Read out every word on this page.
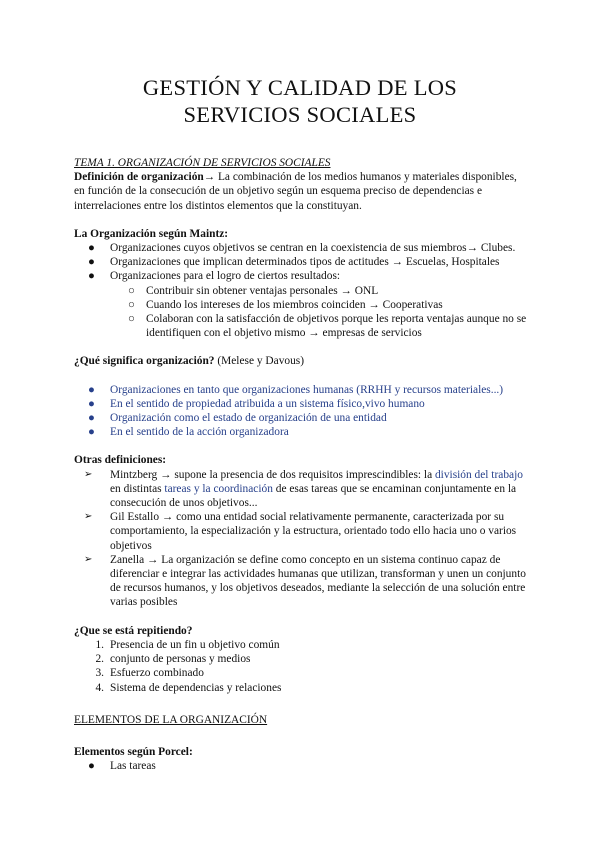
GESTIÓN Y CALIDAD DE LOS
SERVICIOS SOCIALES

TEMA 1. ORGANIZACIÓN DE SERVICIOS SOCIALES

Definición de organización→ La combinación de los medios humanos y materiales disponibles, en función de la consecución de un objetivo según un esquema preciso de dependencias e interrelaciones entre los distintos elementos que la constituyan.

La Organización según Maintz:

● Organizaciones cuyos objetivos se centran en la coexistencia de sus miembros→ Clubes.
● Organizaciones que implican determinados tipos de actitudes → Escuelas, Hospitales
● Organizaciones para el logro de ciertos resultados:
○ Contribuir sin obtener ventajas personales → ONL
○ Cuando los intereses de los miembros coinciden → Cooperativas
○ Colaboran con la satisfacción de objetivos porque les reporta ventajas aunque no se identifiquen con el objetivo mismo → empresas de servicios

¿Qué significa organización? (Melese y Davous)

● Organizaciones en tanto que organizaciones humanas (RRHH y recursos materiales...)
● En el sentido de propiedad atribuida a un sistema físico,vivo humano
● Organización como el estado de organización de una entidad
● En el sentido de la acción organizadora

Otras definiciones:

➢ Mintzberg → supone la presencia de dos requisitos imprescindibles: la división del trabajo en distintas tareas y la coordinación de esas tareas que se encaminan conjuntamente en la consecución de unos objetivos...
➢ Gil Estallo → como una entidad social relativamente permanente, caracterizada por su comportamiento, la especialización y la estructura, orientado todo ello hacia uno o varios objetivos
➢ Zanella → La organización se define como concepto en un sistema continuo capaz de diferenciar e integrar las actividades humanas que utilizan, transforman y unen un conjunto de recursos humanos, y los objetivos deseados, mediante la selección de una solución entre varias posibles

¿Que se está repitiendo?

1. Presencia de un fin u objetivo común
2. conjunto de personas y medios
3. Esfuerzo combinado
4. Sistema de dependencias y relaciones

ELEMENTOS DE LA ORGANIZACIÓN

Elementos según Porcel:

● Las tareas
